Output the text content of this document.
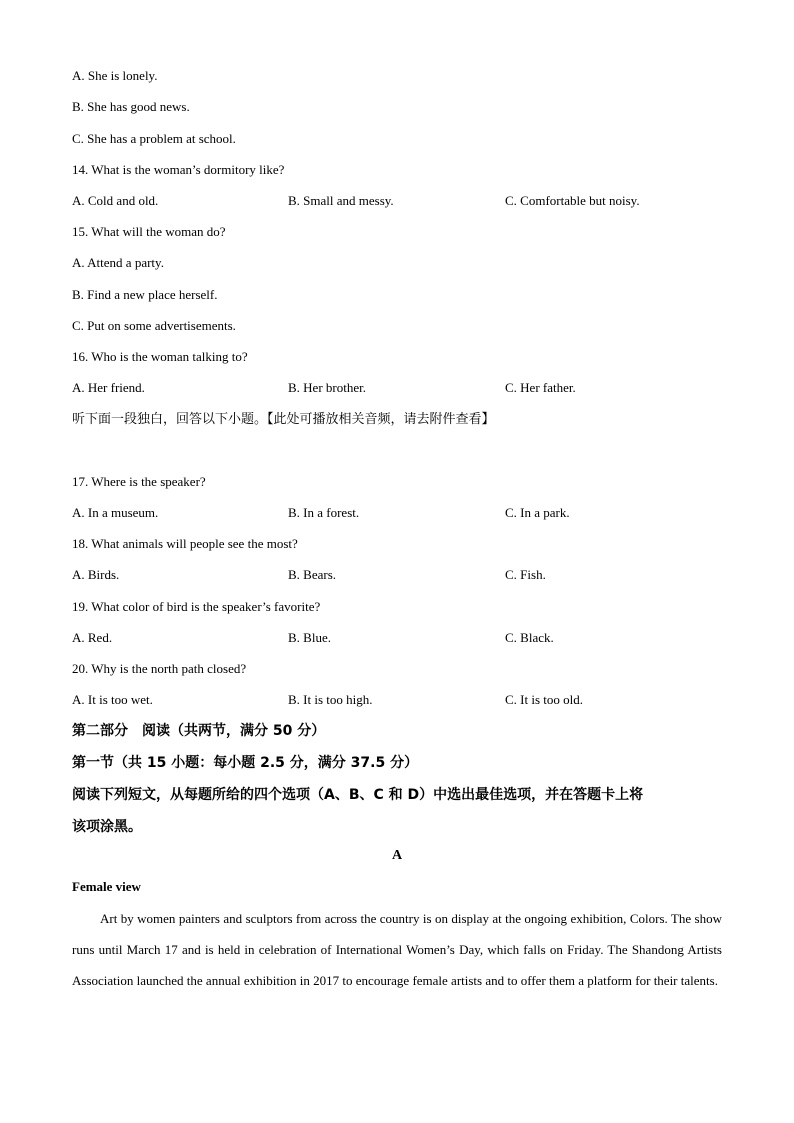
A. She is lonely.
B. She has good news.
C. She has a problem at school.
14. What is the woman’s dormitory like?
A. Cold and old.	B. Small and messy.	C. Comfortable but noisy.
15. What will the woman do?
A. Attend a party.
B. Find a new place herself.
C. Put on some advertisements.
16. Who is the woman talking to?
A. Her friend.	B. Her brother.	C. Her father.
听下面一段独白，回答以下小题。【此处可播放相关音频，请去附件查看】
17. Where is the speaker?
A. In a museum.	B. In a forest.	C. In a park.
18. What animals will people see the most?
A. Birds.	B. Bears.	C. Fish.
19. What color of bird is the speaker’s favorite?
A. Red.	B. Blue.	C. Black.
20. Why is the north path closed?
A. It is too wet.	B. It is too high.	C. It is too old.
第二部分　阅读（共两节，满分 50 分）
第一节（共 15 小题：每小题 2.5 分，满分 37.5 分）
阅读下列短文，从每题所给的四个选项（A、B、C 和 D）中选出最佳选项，并在答题卡上将
该项涂黑。
A
Female view
Art by women painters and sculptors from across the country is on display at the ongoing exhibition, Colors. The show runs until March 17 and is held in celebration of International Women’s Day, which falls on Friday. The Shandong Artists Association launched the annual exhibition in 2017 to encourage female artists and to offer them a platform for their talents.
